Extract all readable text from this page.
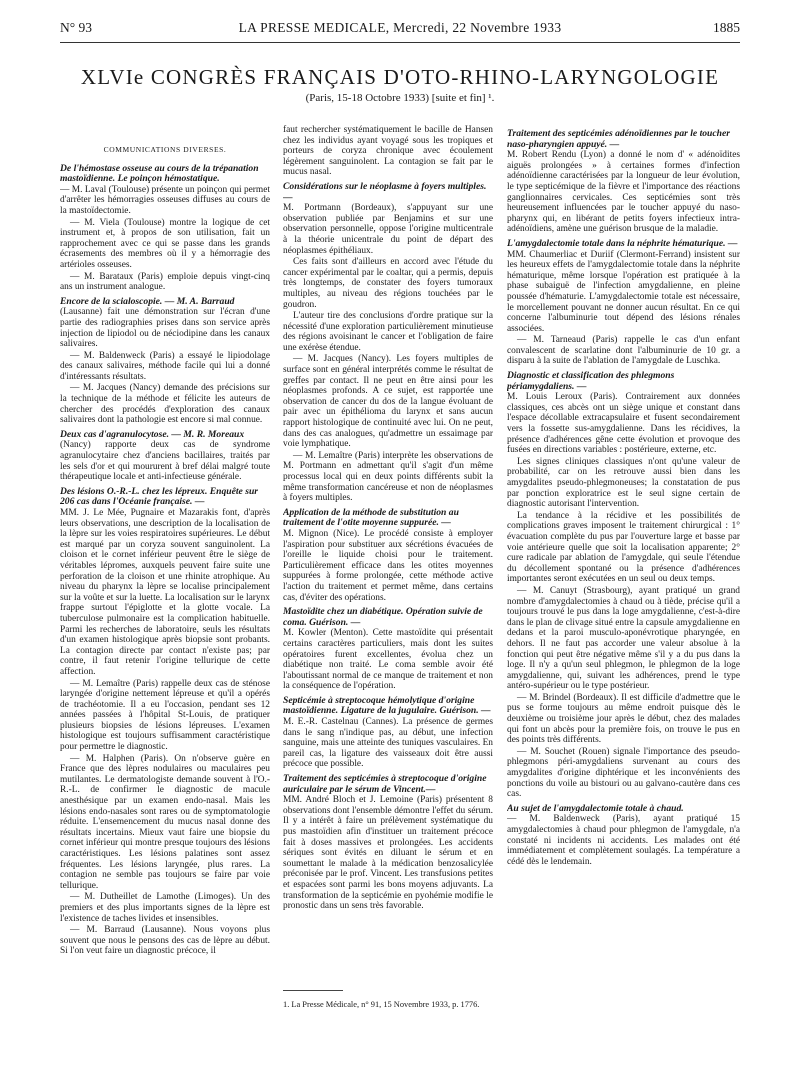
N° 93	LA PRESSE MEDICALE, Mercredi, 22 Novembre 1933	1885
XLVIe CONGRÈS FRANÇAIS D'OTO-RHINO-LARYNGOLOGIE
(Paris, 15-18 Octobre 1933) [suite et fin] ¹.
COMMUNICATIONS DIVERSES.
De l'hémostase osseuse au cours de la trépanation mastoïdienne. Le poinçon hémostatique.

— M. Laval (Toulouse) présente un poinçon qui permet d'arrêter les hémorragies osseuses diffuses au cours de la mastoïdectomie.

— M. Viela (Toulouse) montre la logique de cet instrument et, à propos de son utilisation, fait un rapprochement avec ce qui se passe dans les grands écrasements des membres où il y a hémorragie des artérioles osseuses.

— M. Barataux (Paris) emploie depuis vingt-cinq ans un instrument analogue.

Encore de la scialoscopie. — M. A. Barraud

(Lausanne) fait une démonstration sur l'écran d'une partie des radiographies prises dans son service après injection de lipiodol ou de néciodipine dans les canaux salivaires.

— M. Baldenweck (Paris) a essayé le lipiodolage des canaux salivaires, méthode facile qui lui a donné d'intéressants résultats.

— M. Jacques (Nancy) demande des précisions sur la technique de la méthode et félicite les auteurs de chercher des procédés d'exploration des canaux salivaires dont la pathologie est encore si mal connue.

Deux cas d'agranulocytose. — M. R. Moreaux

(Nancy) rapporte deux cas de syndrome agranulocytaire chez d'anciens bacillaires, traités par les sels d'or et qui moururent à bref délai malgré toute thérapeutique locale et anti-infectieuse générale.

Des lésions O.-R.-L. chez les lépreux. Enquête sur 206 cas dans l'Océanie française. —

MM. J. Le Mée, Pugnaire et Mazarakis font, d'après leurs observations, une description de la localisation de la lèpre sur les voies respiratoires supérieures. Le début est marqué par un coryza souvent sanguinolent. La cloison et le cornet inférieur peuvent être le siège de véritables lépromes, auxquels peuvent faire suite une perforation de la cloison et une rhinite atrophique. Au niveau du pharynx la lèpre se localise principalement sur la voûte et sur la luette. La localisation sur le larynx frappe surtout l'épiglotte et la glotte vocale. La tuberculose pulmonaire est la complication habituelle. Parmi les recherches de laboratoire, seuls les résultats d'un examen histologique après biopsie sont probants. La contagion directe par contact n'existe pas; par contre, il faut retenir l'origine tellurique de cette affection.

— M. Lemaître (Paris) rappelle deux cas de sténose laryngée d'origine nettement lépreuse et qu'il a opérés de trachéotomie. Il a eu l'occasion, pendant ses 12 années passées à l'hôpital St-Louis, de pratiquer plusieurs biopsies de lésions lépreuses. L'examen histologique est toujours suffisamment caractéristique pour permettre le diagnostic.

— M. Halphen (Paris). On n'observe guère en France que des lèpres nodulaires ou maculaires peu mutilantes. Le dermatologiste demande souvent à l'O.-R.-L. de confirmer le diagnostic de macule anesthésique par un examen endo-nasal. Mais les lésions endo-nasales sont rares ou de symptomatologie réduite. L'ensemencement du mucus nasal donne des résultats incertains. Mieux vaut faire une biopsie du cornet inférieur qui montre presque toujours des lésions caractéristiques. Les lésions palatines sont assez fréquentes. Les lésions laryngée, plus rares. La contagion ne semble pas toujours se faire par voie tellurique.

— M. Dutheillet de Lamothe (Limoges). Un des premiers et des plus importants signes de la lèpre est l'existence de taches livides et insensibles.

— M. Barraud (Lausanne). Nous voyons plus souvent que nous le pensons des cas de lèpre au début. Si l'on veut faire un diagnostic précoce, il

faut rechercher systématiquement le bacille de Hansen chez les individus ayant voyagé sous les tropiques et porteurs de coryza chronique avec écoulement légèrement sanguinolent. La contagion se fait par le mucus nasal.

Considérations sur le néoplasme à foyers multiples. —

M. Portmann (Bordeaux), s'appuyant sur une observation publiée par Benjamins et sur une observation personnelle, oppose l'origine multicentrale à la théorie unicentrale du point de départ des néoplasmes épithéliaux.

Ces faits sont d'ailleurs en accord avec l'étude du cancer expérimental par le coaltar, qui a permis, depuis très longtemps, de constater des foyers tumoraux multiples, au niveau des régions touchées par le goudron.

L'auteur tire des conclusions d'ordre pratique sur la nécessité d'une exploration particulièrement minutieuse des régions avoisinant le cancer et l'obligation de faire une exérèse étendue.

— M. Jacques (Nancy). Les foyers multiples de surface sont en général interprétés comme le résultat de greffes par contact. Il ne peut en être ainsi pour les néoplasmes profonds. A ce sujet, est rapportée une observation de cancer du dos de la langue évoluant de pair avec un épithélioma du larynx et sans aucun rapport histologique de continuité avec lui. On ne peut, dans des cas analogues, qu'admettre un essaimage par voie lymphatique.

— M. Lemaître (Paris) interprète les observations de M. Portmann en admettant qu'il s'agit d'un même processus local qui en deux points différents subit la même transformation cancéreuse et non de néoplasmes à foyers multiples.

Application de la méthode de substitution au traitement de l'otite moyenne suppurée. —

M. Mignon (Nice). Le procédé consiste à employer l'aspiration pour substituer aux sécrétions évacuées de l'oreille le liquide choisi pour le traitement. Particulièrement efficace dans les otites moyennes suppurées à forme prolongée, cette méthode active l'action du traitement et permet même, dans certains cas, d'éviter des opérations.

Mastoïdite chez un diabétique. Opération suivie de coma. Guérison. —

M. Kowler (Menton). Cette mastoïdite qui présentait certains caractères particuliers, mais dont les suites opératoires furent excellentes, évolua chez un diabétique non traité. Le coma semble avoir été l'aboutissant normal de ce manque de traitement et non la conséquence de l'opération.

Septicémie à streptocoque hémolytique d'origine mastoïdienne. Ligature de la jugulaire. Guérison. —

M. E.-R. Castelnau (Cannes). La présence de germes dans le sang n'indique pas, au début, une infection sanguine, mais une atteinte des tuniques vasculaires. En pareil cas, la ligature des vaisseaux doit être aussi précoce que possible.

Traitement des septicémies à streptocoque d'origine auriculaire par le sérum de Vincent.—

MM. André Bloch et J. Lemoine (Paris) présentent 8 observations dont l'ensemble démontre l'effet du sérum. Il y a intérêt à faire un prélèvement systématique du pus mastoïdien afin d'instituer un traitement précoce fait à doses massives et prolongées. Les accidents sériques sont évités en diluant le sérum et en soumettant le malade à la médication benzosalicylée préconisée par le prof. Vincent. Les transfusions petites et espacées sont parmi les bons moyens adjuvants. La transformation de la septicémie en pyohémie modifie le pronostic dans un sens très favorable.

1. La Presse Médicale, n° 91, 15 Novembre 1933, p. 1776.
Traitement des septicémies adénoïdiennes par le toucher naso-pharyngien appuyé. —

M. Robert Rendu (Lyon) a donné le nom d' « adénoïdites aiguës prolongées » à certaines formes d'infection adénoïdienne caractérisées par la longueur de leur évolution, le type septicémique de la fièvre et l'importance des réactions ganglionnaires cervicales. Ces septicémies sont très heureusement influencées par le toucher appuyé du naso-pharynx qui, en libérant de petits foyers infectieux intra-adénoïdiens, amène une guérison brusque de la maladie.

L'amygdalectomie totale dans la néphrite hématurique. —

MM. Chaumerliac et Duriif (Clermont-Ferrand) insistent sur les heureux effets de l'amygdalectomie totale dans la néphrite hématurique, même lorsque l'opération est pratiquée à la phase subaiguë de l'infection amygdalienne, en pleine poussée d'hématurie. L'amygdalectomie totale est nécessaire, le morcellement pouvant ne donner aucun résultat. En ce qui concerne l'albuminurie tout dépend des lésions rénales associées.

— M. Tarneaud (Paris) rappelle le cas d'un enfant convalescent de scarlatine dont l'albuminurie de 10 gr. a disparu à la suite de l'ablation de l'amygdale de Luschka.

Diagnostic et classification des phlegmons périamygdaliens. —

M. Louis Leroux (Paris). Contrairement aux données classiques, ces abcès ont un siège unique et constant dans l'espace décollable extracapsulaire et fusent secondairement vers la fossette sus-amygdalienne. Dans les récidives, la présence d'adhérences gêne cette évolution et provoque des fusées en directions variables : postérieure, externe, etc.

Les signes cliniques classiques n'ont qu'une valeur de probabilité, car on les retrouve aussi bien dans les amygdalites pseudo-phlegmoneuses; la constatation de pus par ponction exploratrice est le seul signe certain de diagnostic autorisant l'intervention.

La tendance à la récidive et les possibilités de complications graves imposent le traitement chirurgical : 1° évacuation complète du pus par l'ouverture large et basse par voie antérieure quelle que soit la localisation apparente; 2° cure radicale par ablation de l'amygdale, qui seule l'étendue du décollement spontané ou la présence d'adhérences importantes seront exécutées en un seul ou deux temps.

— M. Canuyt (Strasbourg), ayant pratiqué un grand nombre d'amygdalectomies à chaud ou à tiède, précise qu'il a toujours trouvé le pus dans la loge amygdalienne, c'est-à-dire dans le plan de clivage situé entre la capsule amygdalienne en dedans et la paroi musculo-aponévrotique pharyngée, en dehors. Il ne faut pas accorder une valeur absolue à la fonction qui peut être négative même s'il y a du pus dans la loge. Il n'y a qu'un seul phlegmon, le phlegmon de la loge amygdalienne, qui, suivant les adhérences, prend le type antéro-supérieur ou le type postérieur.

— M. Brindel (Bordeaux). Il est difficile d'admettre que le pus se forme toujours au même endroit puisque dès le deuxième ou troisième jour après le début, chez des malades qui font un abcès pour la première fois, on trouve le pus en des points très différents.

— M. Souchet (Rouen) signale l'importance des pseudo-phlegmons péri-amygdaliens survenant au cours des amygdalites d'origine diphtérique et les inconvénients des ponctions du voile au bistouri ou au galvano-cautère dans ces cas.

Au sujet de l'amygdalectomie totale à chaud.

— M. Baldenweck (Paris), ayant pratiqué 15 amygdalectomies à chaud pour phlegmon de l'amygdale, n'a constaté ni incidents ni accidents. Les malades ont été immédiatement et complètement soulagés. La température a cédé dès le lendemain.
